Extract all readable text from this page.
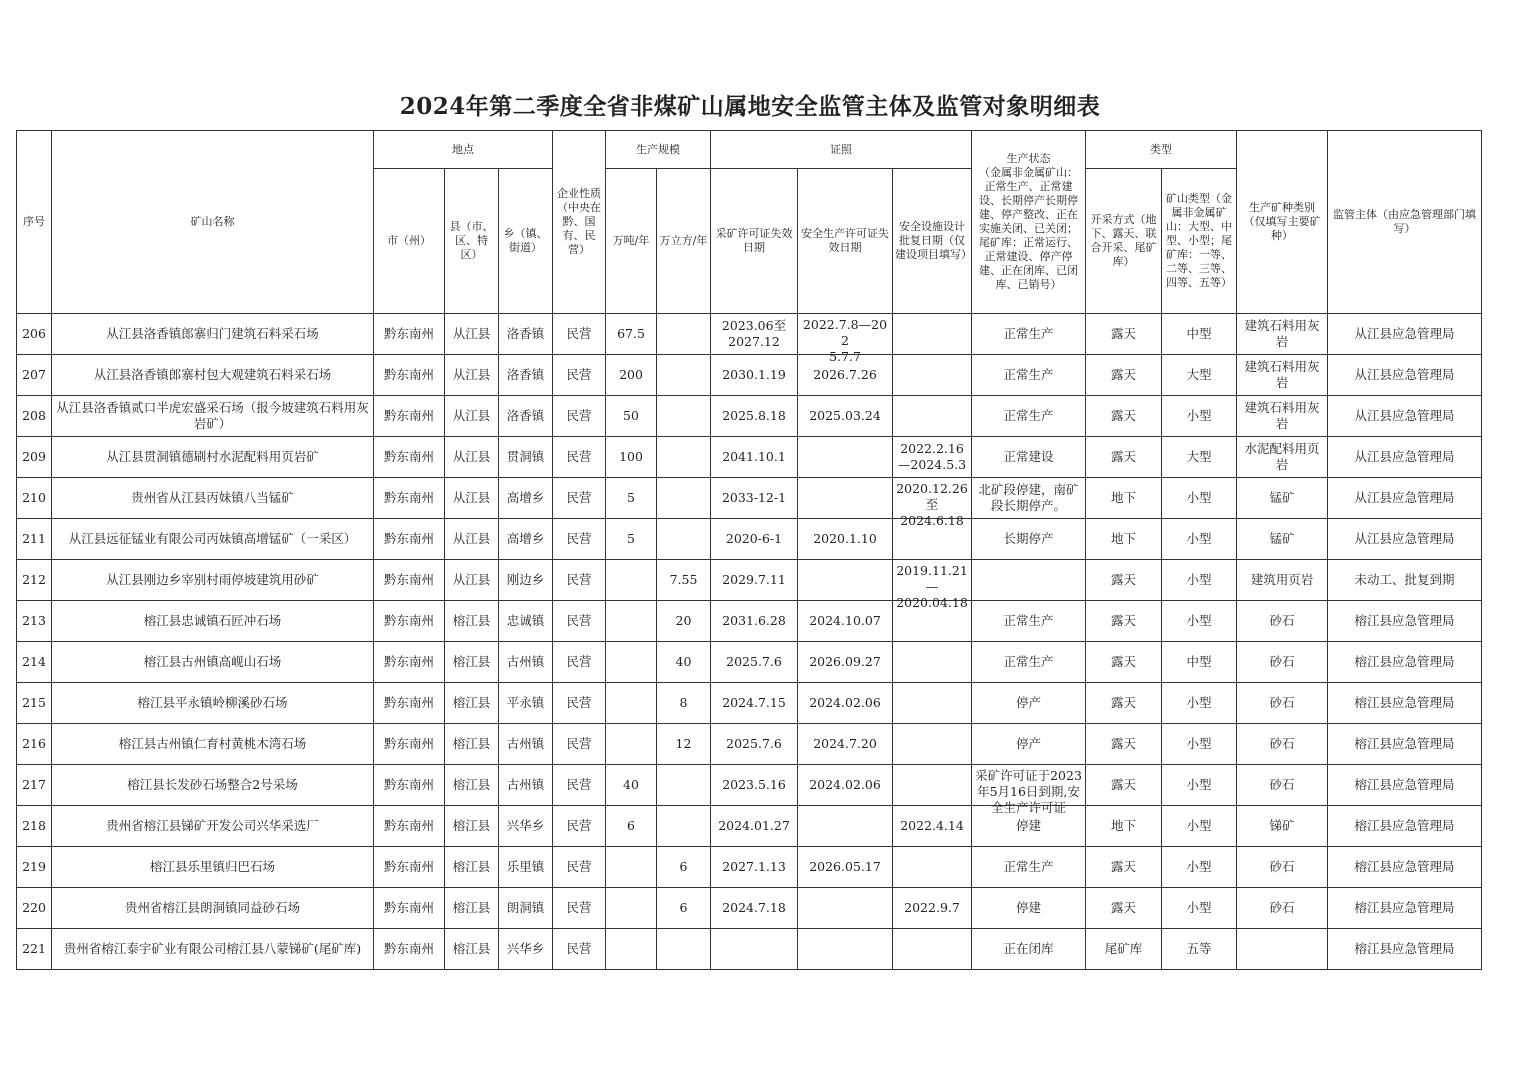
2024年第二季度全省非煤矿山属地安全监管主体及监管对象明细表
序号	矿山名称	地点			企业性质（中央在黔、国有、民营）	生产规模		证照			生产状态
（金属非金属矿山：正常生产、正常建设、长期停产长期停建、停产整改、正在实施关闭、已关闭；尾矿库：正常运行、正常建设、停产停建、正在闭库、已闭库、已销号）	类型		生产矿种类别（仅填写主要矿种）	监管主体（由应急管理部门填写）
		市（州）	县（市、区、特区）	乡（镇、街道）		万吨/年	万立方/年	采矿许可证失效日期	安全生产许可证失效日期	安全设施设计批复日期（仅建设项目填写）		开采方式（地下、露天、联合开采、尾矿库）	矿山类型（金属非金属矿山：大型、中型、小型；尾矿库：一等、二等、三等、四等、五等）		

206	从江县洛香镇郎寨归门建筑石料采石场	黔东南州	从江县	洛香镇	民营	67.5		2023.06至
2027.12	2022.7.8—202
5.7.7		正常生产	露天	中型	建筑石料用灰岩	从江县应急管理局

207	从江县洛香镇郎寨村包大观建筑石料采石场	黔东南州	从江县	洛香镇	民营	200		2030.1.19	2026.7.26		正常生产	露天	大型	建筑石料用灰岩	从江县应急管理局

208	从江县洛香镇贰口半虎宏盛采石场（报今坡建筑石料用灰岩矿）	黔东南州	从江县	洛香镇	民营	50		2025.8.18	2025.03.24		正常生产	露天	小型	建筑石料用灰岩	从江县应急管理局

209	从江县贯洞镇德刷村水泥配料用页岩矿	黔东南州	从江县	贯洞镇	民营	100		2041.10.1		2022.2.16
—2024.5.3	正常建设	露天	大型	水泥配料用页岩	从江县应急管理局

210	贵州省从江县丙妹镇八当锰矿	黔东南州	从江县	高增乡	民营	5		2033-12-1		2020.12.26
至
2024.6.18	北矿段停建，南矿段长期停产。	地下	小型	锰矿	从江县应急管理局

211	从江县远征锰业有限公司丙妹镇高增锰矿（一采区）	黔东南州	从江县	高增乡	民营	5		2020-6-1	2020.1.10		长期停产	地下	小型	锰矿	从江县应急管理局

212	从江县刚边乡宰别村雨停坡建筑用砂矿	黔东南州	从江县	刚边乡	民营		7.55	2029.7.11		2019.11.21
—
2020.04.18		露天	小型	建筑用页岩	未动工、批复到期

213	榕江县忠诚镇石匠冲石场	黔东南州	榕江县	忠诚镇	民营		20	2031.6.28	2024.10.07		正常生产	露天	小型	砂石	榕江县应急管理局

214	榕江县古州镇高岘山石场	黔东南州	榕江县	古州镇	民营		40	2025.7.6	2026.09.27		正常生产	露天	中型	砂石	榕江县应急管理局

215	榕江县平永镇岭柳溪砂石场	黔东南州	榕江县	平永镇	民营		8	2024.7.15	2024.02.06		停产	露天	小型	砂石	榕江县应急管理局

216	榕江县古州镇仁育村黄桃木湾石场	黔东南州	榕江县	古州镇	民营		12	2025.7.6	2024.7.20		停产	露天	小型	砂石	榕江县应急管理局

217	榕江县长发砂石场整合2号采场	黔东南州	榕江县	古州镇	民营	40		2023.5.16	2024.02.06		采矿许可证于2023年5月16日到期,安全生产许可证	露天	小型	砂石	榕江县应急管理局

218	贵州省榕江县锑矿开发公司兴华采选厂	黔东南州	榕江县	兴华乡	民营	6		2024.01.27		2022.4.14	停建	地下	小型	锑矿	榕江县应急管理局

219	榕江县乐里镇归巴石场	黔东南州	榕江县	乐里镇	民营		6	2027.1.13	2026.05.17		正常生产	露天	小型	砂石	榕江县应急管理局

220	贵州省榕江县朗洞镇同益砂石场	黔东南州	榕江县	朗洞镇	民营		6	2024.7.18		2022.9.7	停建	露天	小型	砂石	榕江县应急管理局

221	贵州省榕江泰宇矿业有限公司榕江县八蒙锑矿(尾矿库)	黔东南州	榕江县	兴华乡	民营						正在闭库	尾矿库	五等		榕江县应急管理局
